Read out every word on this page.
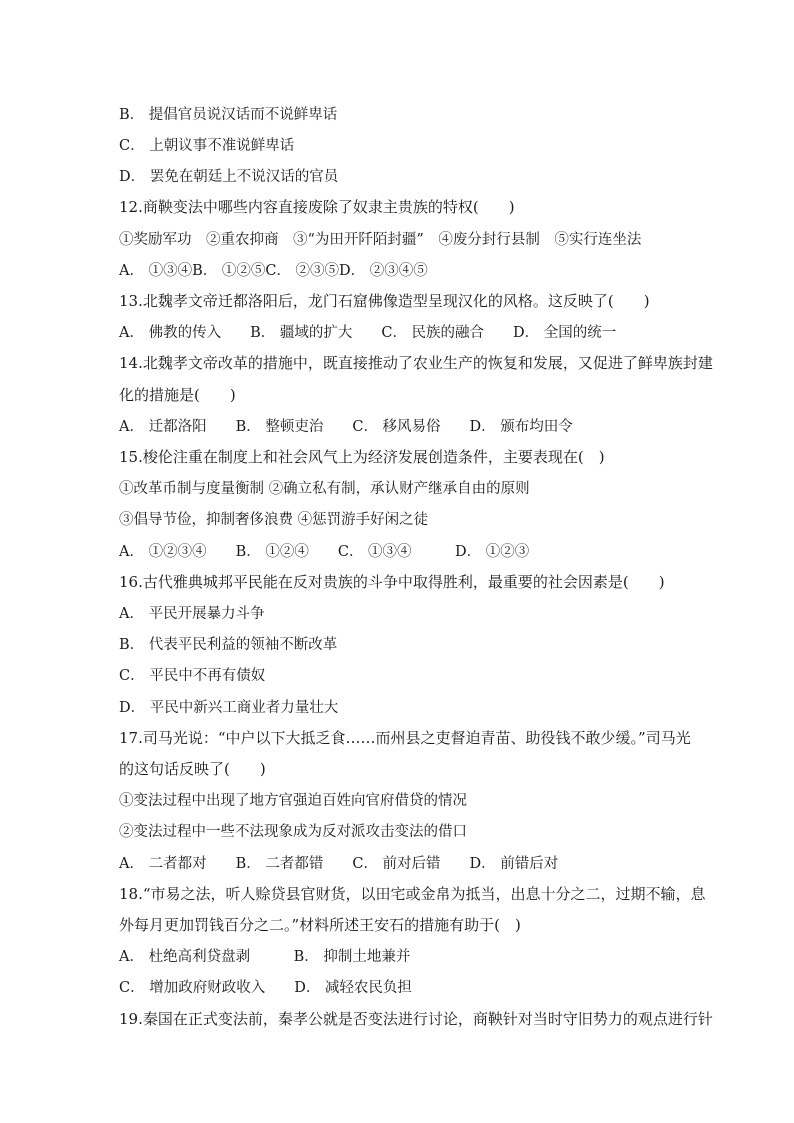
B． 提倡官员说汉话而不说鲜卑话
C． 上朝议事不准说鲜卑话
D． 罢免在朝廷上不说汉话的官员
12.商鞅变法中哪些内容直接废除了奴隶主贵族的特权(　　)
①奖励军功　②重农抑商　③“为田开阡陌封疆”　④废分封行县制　⑤实行连坐法
A． ①③④B． ①②⑤C． ②③⑤D． ②③④⑤
13.北魏孝文帝迁都洛阳后，龙门石窟佛像造型呈现汉化的风格。这反映了(　　)
A． 佛教的传入　　B． 疆域的扩大　　C． 民族的融合　　D． 全国的统一
14.北魏孝文帝改革的措施中，既直接推动了农业生产的恢复和发展，又促进了鲜卑族封建
化的措施是(　　)
A． 迁都洛阳　　B． 整顿吏治　　C． 移风易俗　　D． 颁布均田令
15.梭伦注重在制度上和社会风气上为经济发展创造条件，主要表现在(　)
①改革币制与度量衡制 ②确立私有制，承认财产继承自由的原则
③倡导节俭，抑制奢侈浪费 ④惩罚游手好闲之徒
A． ①②③④　　B． ①②④　　C． ①③④　　　D． ①②③
16.古代雅典城邦平民能在反对贵族的斗争中取得胜利，最重要的社会因素是(　　)
A． 平民开展暴力斗争
B． 代表平民利益的领袖不断改革
C． 平民中不再有债奴
D． 平民中新兴工商业者力量壮大
17.司马光说：“中户以下大抵乏食……而州县之吏督迫青苗、助役钱不敢少缓。”司马光
的这句话反映了(　　)
①变法过程中出现了地方官强迫百姓向官府借贷的情况
②变法过程中一些不法现象成为反对派攻击变法的借口
A． 二者都对　　B． 二者都错　　C． 前对后错　　D． 前错后对
18.“市易之法，听人赊贷县官财货，以田宅或金帛为抵当，出息十分之二，过期不输，息
外每月更加罚钱百分之二。”材料所述王安石的措施有助于(　)
A． 杜绝高利贷盘剥　　　B． 抑制土地兼并
C． 增加政府财政收入　　D． 减轻农民负担
19.秦国在正式变法前，秦孝公就是否变法进行讨论，商鞅针对当时守旧势力的观点进行针
